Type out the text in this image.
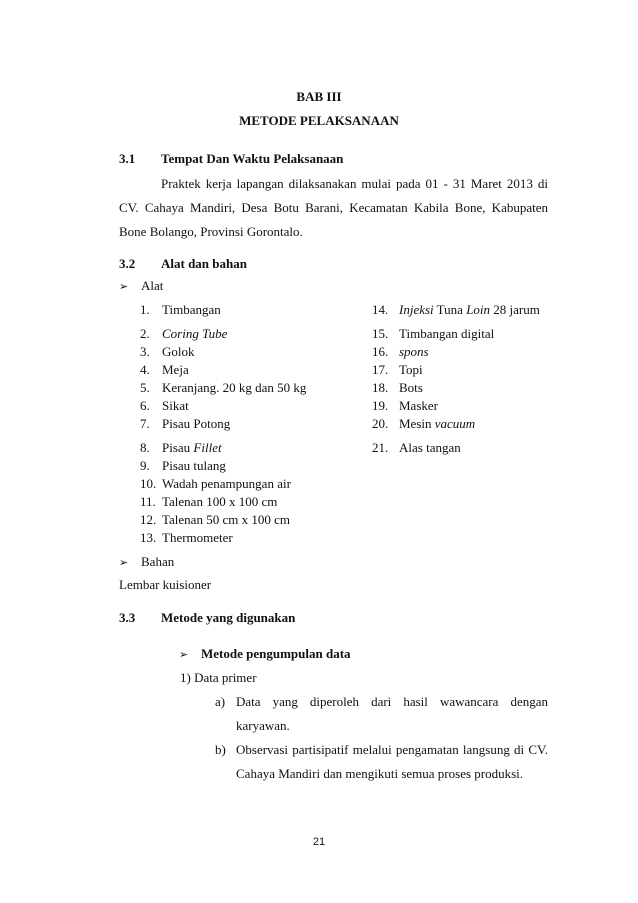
BAB III
METODE PELAKSANAAN
3.1 Tempat Dan Waktu Pelaksanaan
Praktek kerja lapangan dilaksanakan mulai pada 01 - 31 Maret 2013 di
CV. Cahaya Mandiri, Desa Botu Barani, Kecamatan Kabila Bone, Kabupaten
Bone Bolango, Provinsi Gorontalo.
3.2 Alat dan bahan
➢ Alat
1. Timbangan
2. Coring Tube
3. Golok
4. Meja
5. Keranjang. 20 kg dan 50 kg
6. Sikat
7. Pisau Potong
8. Pisau Fillet
9. Pisau tulang
10. Wadah penampungan air
11. Talenan 100 x 100 cm
12. Talenan 50 cm x 100 cm
13. Thermometer
14. Injeksi Tuna Loin 28 jarum
15. Timbangan digital
16. spons
17. Topi
18. Bots
19. Masker
20. Mesin vacuum
21. Alas tangan
➢ Bahan
Lembar kuisioner
3.3 Metode yang digunakan
➢ Metode pengumpulan data
1) Data primer
a) Data yang diperoleh dari hasil wawancara dengan
karyawan.
b) Observasi partisipatif melalui pengamatan langsung di CV.
Cahaya Mandiri dan mengikuti semua proses produksi.
21
